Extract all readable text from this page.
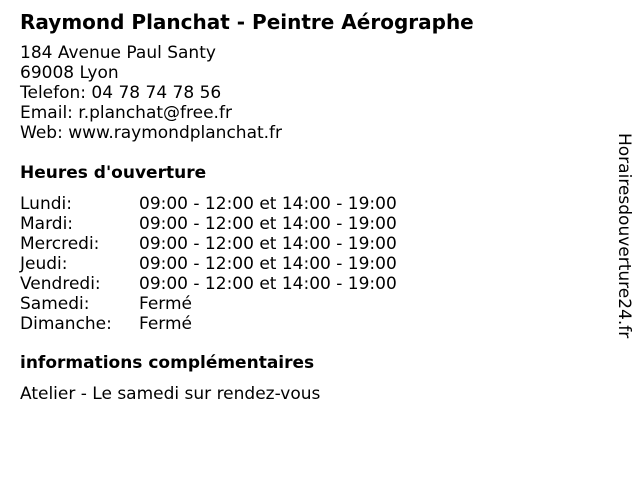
Raymond Planchat - Peintre Aérographe
184 Avenue Paul Santy
69008 Lyon
Telefon: 04 78 74 78 56
Email: r.planchat@free.fr
Web: www.raymondplanchat.fr
Heures d'ouverture
Lundi:	09:00 - 12:00 et 14:00 - 19:00
Mardi:	09:00 - 12:00 et 14:00 - 19:00
Mercredi:	09:00 - 12:00 et 14:00 - 19:00
Jeudi:	09:00 - 12:00 et 14:00 - 19:00
Vendredi:	09:00 - 12:00 et 14:00 - 19:00
Samedi:	Fermé
Dimanche:	Fermé
informations complémentaires
Atelier - Le samedi sur rendez-vous
Horairesdouverture24.fr
